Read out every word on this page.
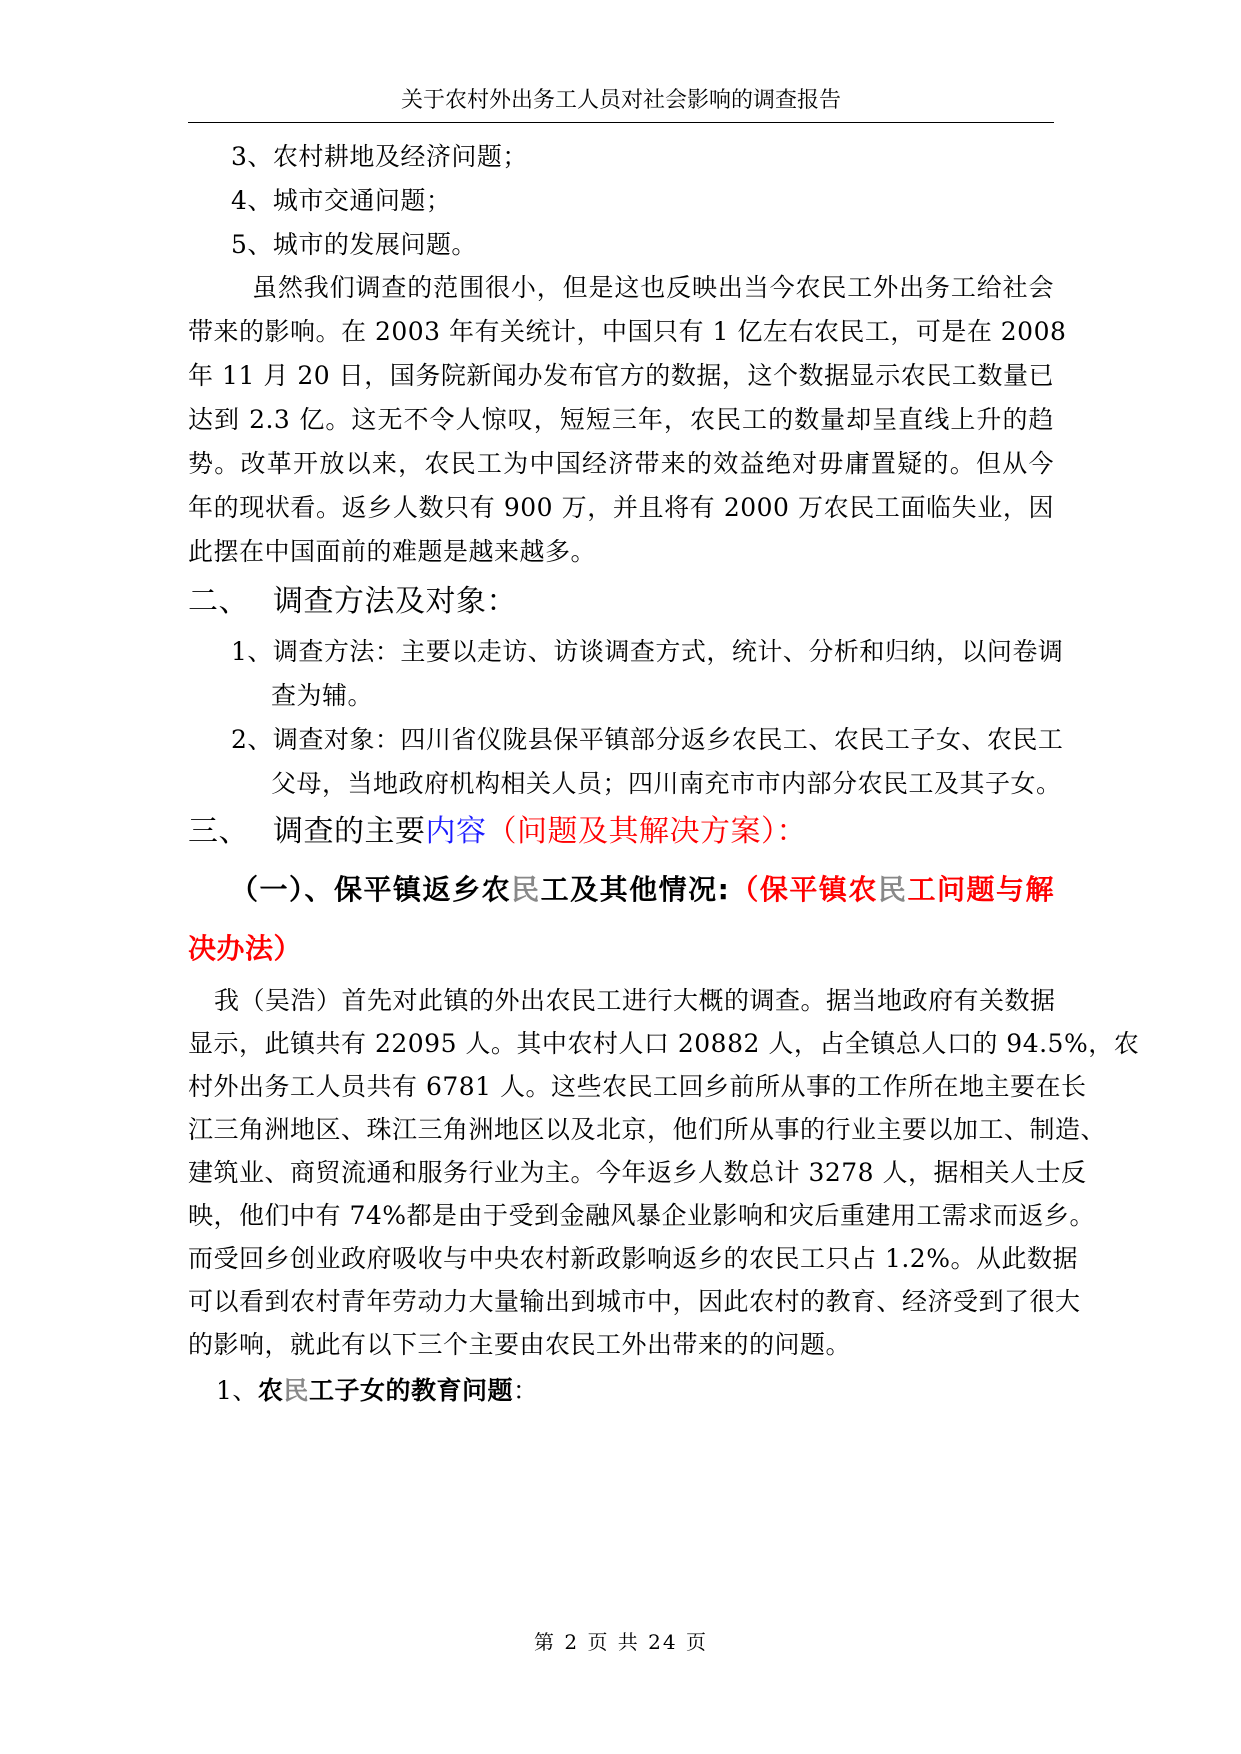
关于农村外出务工人员对社会影响的调查报告
3、农村耕地及经济问题；
4、城市交通问题；
5、城市的发展问题。
虽然我们调查的范围很小，但是这也反映出当今农民工外出务工给社会
带来的影响。在 2003 年有关统计，中国只有 1 亿左右农民工，可是在 2008
年 11 月 20 日，国务院新闻办发布官方的数据，这个数据显示农民工数量已
达到 2.3 亿。这无不令人惊叹，短短三年，农民工的数量却呈直线上升的趋
势。改革开放以来，农民工为中国经济带来的效益绝对毋庸置疑的。但从今
年的现状看。返乡人数只有 900 万，并且将有 2000 万农民工面临失业，因
此摆在中国面前的难题是越来越多。
二、 调查方法及对象：
1、调查方法：主要以走访、访谈调查方式，统计、分析和归纳，以问卷调
查为辅。
2、调查对象：四川省仪陇县保平镇部分返乡农民工、农民工子女、农民工
父母，当地政府机构相关人员；四川南充市市内部分农民工及其子女。
三、 调查的主要内容（问题及其解决方案）：
（一）、保平镇返乡农民工及其他情况:（保平镇农民工问题与解
决办法）
我（吴浩）首先对此镇的外出农民工进行大概的调查。据当地政府有关数据
显示，此镇共有 22095 人。其中农村人口 20882 人，占全镇总人口的 94.5%，农
村外出务工人员共有 6781 人。这些农民工回乡前所从事的工作所在地主要在长
江三角洲地区、珠江三角洲地区以及北京，他们所从事的行业主要以加工、制造、
建筑业、商贸流通和服务行业为主。今年返乡人数总计 3278 人，据相关人士反
映，他们中有 74%都是由于受到金融风暴企业影响和灾后重建用工需求而返乡。
而受回乡创业政府吸收与中央农村新政影响返乡的农民工只占 1.2%。从此数据
可以看到农村青年劳动力大量输出到城市中，因此农村的教育、经济受到了很大
的影响，就此有以下三个主要由农民工外出带来的的问题。
1、农民工子女的教育问题：
第 2 页 共 24 页
